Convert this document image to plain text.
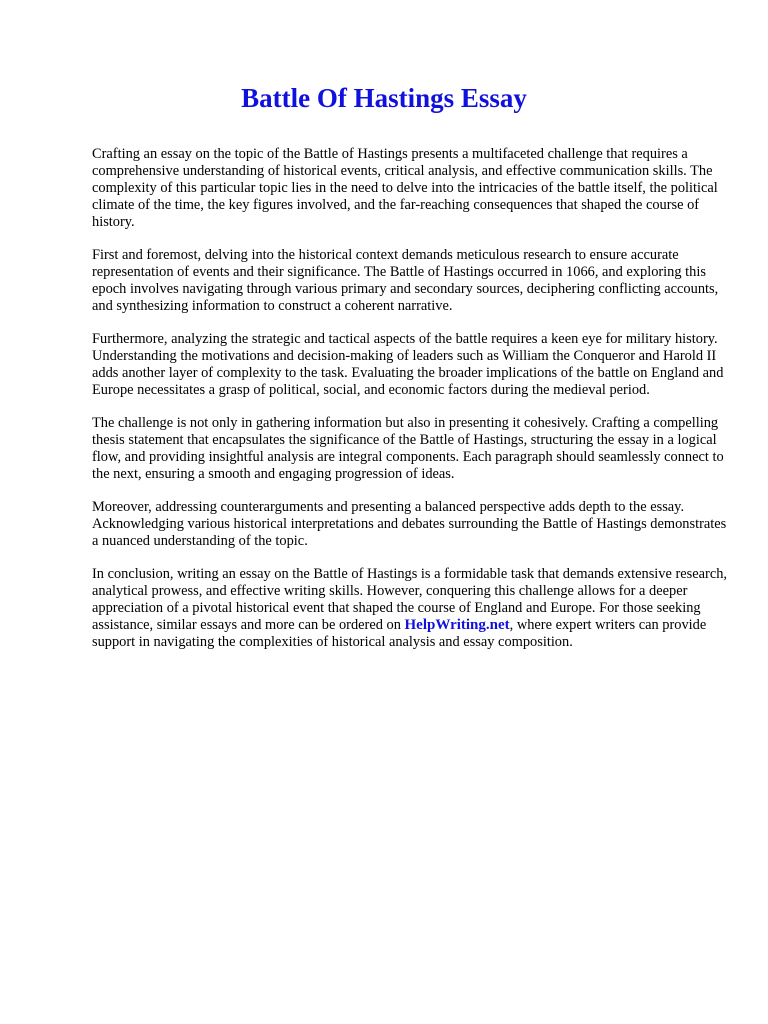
Battle Of Hastings Essay

Crafting an essay on the topic of the Battle of Hastings presents a multifaceted challenge that requires a comprehensive understanding of historical events, critical analysis, and effective communication skills. The complexity of this particular topic lies in the need to delve into the intricacies of the battle itself, the political climate of the time, the key figures involved, and the far-reaching consequences that shaped the course of history.

First and foremost, delving into the historical context demands meticulous research to ensure accurate representation of events and their significance. The Battle of Hastings occurred in 1066, and exploring this epoch involves navigating through various primary and secondary sources, deciphering conflicting accounts, and synthesizing information to construct a coherent narrative.

Furthermore, analyzing the strategic and tactical aspects of the battle requires a keen eye for military history. Understanding the motivations and decision-making of leaders such as William the Conqueror and Harold II adds another layer of complexity to the task. Evaluating the broader implications of the battle on England and Europe necessitates a grasp of political, social, and economic factors during the medieval period.

The challenge is not only in gathering information but also in presenting it cohesively. Crafting a compelling thesis statement that encapsulates the significance of the Battle of Hastings, structuring the essay in a logical flow, and providing insightful analysis are integral components. Each paragraph should seamlessly connect to the next, ensuring a smooth and engaging progression of ideas.

Moreover, addressing counterarguments and presenting a balanced perspective adds depth to the essay. Acknowledging various historical interpretations and debates surrounding the Battle of Hastings demonstrates a nuanced understanding of the topic.

In conclusion, writing an essay on the Battle of Hastings is a formidable task that demands extensive research, analytical prowess, and effective writing skills. However, conquering this challenge allows for a deeper appreciation of a pivotal historical event that shaped the course of England and Europe. For those seeking assistance, similar essays and more can be ordered on HelpWriting.net, where expert writers can provide support in navigating the complexities of historical analysis and essay composition.
